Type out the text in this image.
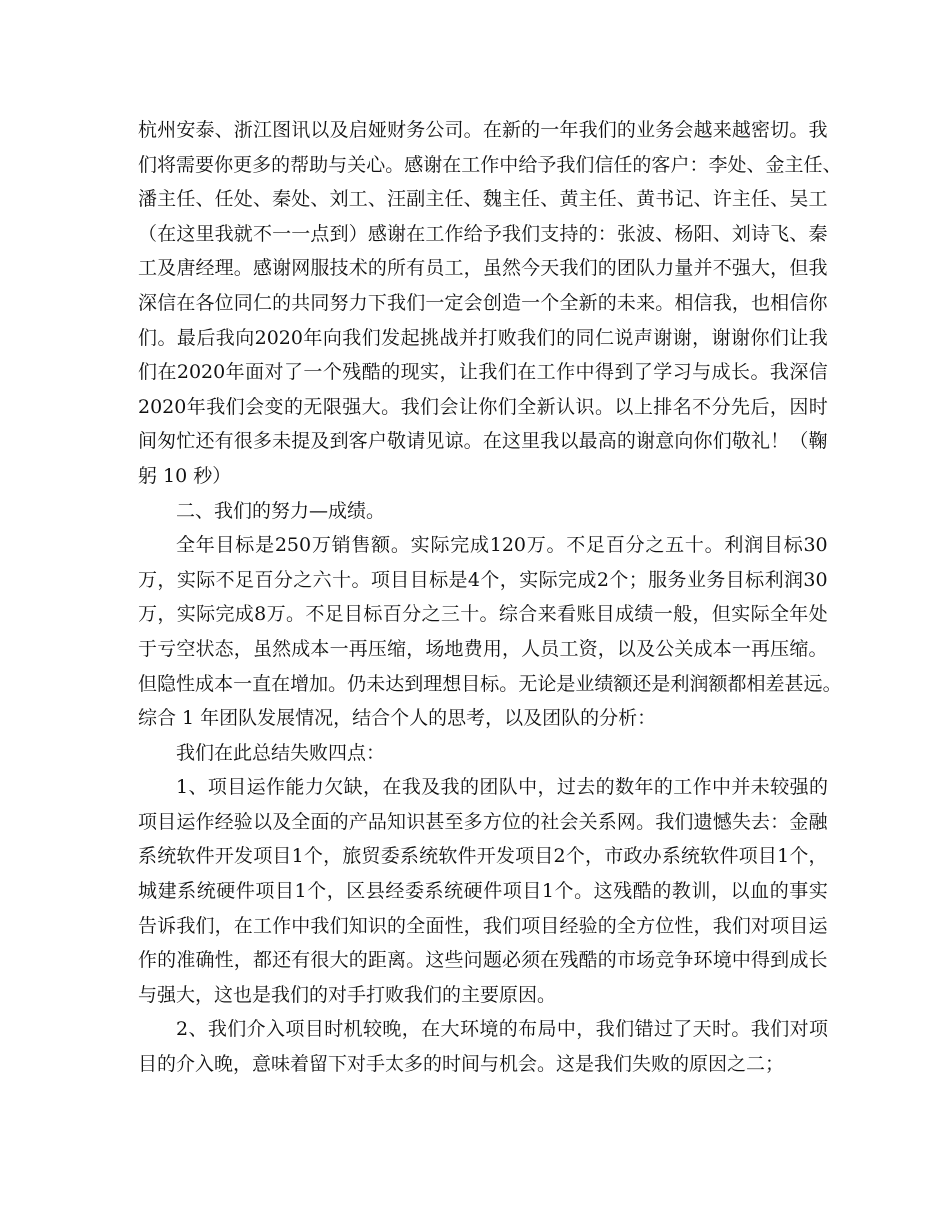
杭 州 安 泰 、 浙 江 图 讯 以 及 启 娅 财 务 公 司 。 在 新 的 一 年 我 们 的 业 务 会 越 来 越 密 切 。 我
们 将 需 要 你 更 多 的 帮 助 与 关 心 。 感 谢 在 工 作 中 给 予 我 们 信 任 的 客 户 ： 李 处 、 金 主 任 、
潘 主 任 、 任 处 、 秦 处 、 刘 工 、 汪 副 主 任 、 魏 主 任 、 黄 主 任 、 黄 书 记 、 许 主 任 、 吴 工
（ 在 这 里 我 就 不 一 一 点 到 ） 感 谢 在 工 作 给 予 我 们 支 持 的 ： 张 波 、 杨 阳 、 刘 诗 飞 、 秦
工 及 唐 经 理 。 感 谢 网 服 技 术 的 所 有 员 工 ， 虽 然 今 天 我 们 的 团 队 力 量 并 不 强 大 ， 但 我
深 信 在 各 位 同 仁 的 共 同 努 力 下 我 们 一 定 会 创 造 一 个 全 新 的 未 来 。 相 信 我 ， 也 相 信 你
们 。 最 后 我 向 2020 年 向 我 们 发 起 挑 战 并 打 败 我 们 的 同 仁 说 声 谢 谢 ， 谢 谢 你 们 让 我
们 在 2020 年 面 对 了 一 个 残 酷 的 现 实 ， 让 我 们 在 工 作 中 得 到 了 学 习 与 成 长 。 我 深 信
2020 年 我 们 会 变 的 无 限 强 大 。 我 们 会 让 你 们 全 新 认 识 。 以 上 排 名 不 分 先 后 ， 因 时
间 匆 忙 还 有 很 多 未 提 及 到 客 户 敬 请 见 谅 。 在 这 里 我 以 最 高 的 谢 意 向 你 们 敬 礼 ！ （ 鞠
躬 10 秒）
二、我们的努力—成绩。
全 年 目 标 是 250 万 销 售 额 。 实 际 完 成 120 万 。 不 足 百 分 之 五 十 。 利 润 目 标 30
万 ， 实 际 不 足 百 分 之 六 十 。 项 目 目 标 是 4 个 ， 实 际 完 成 2 个 ； 服 务 业 务 目 标 利 润 30
万 ， 实 际 完 成 8 万 。 不 足 目 标 百 分 之 三 十 。 综 合 来 看 账 目 成 绩 一 般 ， 但 实 际 全 年 处
于 亏 空 状 态 ， 虽 然 成 本 一 再 压 缩 ， 场 地 费 用 ， 人 员 工 资 ， 以 及 公 关 成 本 一 再 压 缩 。
但 隐 性 成 本 一 直 在 增 加 。 仍 未 达 到 理 想 目 标 。 无 论 是 业 绩 额 还 是 利 润 额 都 相 差 甚 远 。
综合 1 年团队发展情况，结合个人的思考，以及团队的分析：
我们在此总结失败四点：
1 、 项 目 运 作 能 力 欠 缺 ， 在 我 及 我 的 团 队 中 ， 过 去 的 数 年 的 工 作 中 并 未 较 强 的
项 目 运 作 经 验 以 及 全 面 的 产 品 知 识 甚 至 多 方 位 的 社 会 关 系 网 。 我 们 遗 憾 失 去 ： 金 融
系 统 软 件 开 发 项 目 1 个 ， 旅 贸 委 系 统 软 件 开 发 项 目 2 个 ， 市 政 办 系 统 软 件 项 目 1 个 ，
城 建 系 统 硬 件 项 目 1 个 ， 区 县 经 委 系 统 硬 件 项 目 1 个 。 这 残 酷 的 教 训 ， 以 血 的 事 实
告 诉 我 们 ， 在 工 作 中 我 们 知 识 的 全 面 性 ， 我 们 项 目 经 验 的 全 方 位 性 ， 我 们 对 项 目 运
作 的 准 确 性 ， 都 还 有 很 大 的 距 离 。 这 些 问 题 必 须 在 残 酷 的 市 场 竞 争 环 境 中 得 到 成 长
与强大，这也是我们的对手打败我们的主要原因。
2 、 我 们 介 入 项 目 时 机 较 晚 ， 在 大 环 境 的 布 局 中 ， 我 们 错 过 了 天 时 。 我 们 对 项
目的介入晚，意味着留下对手太多的时间与机会。这是我们失败的原因之二；
